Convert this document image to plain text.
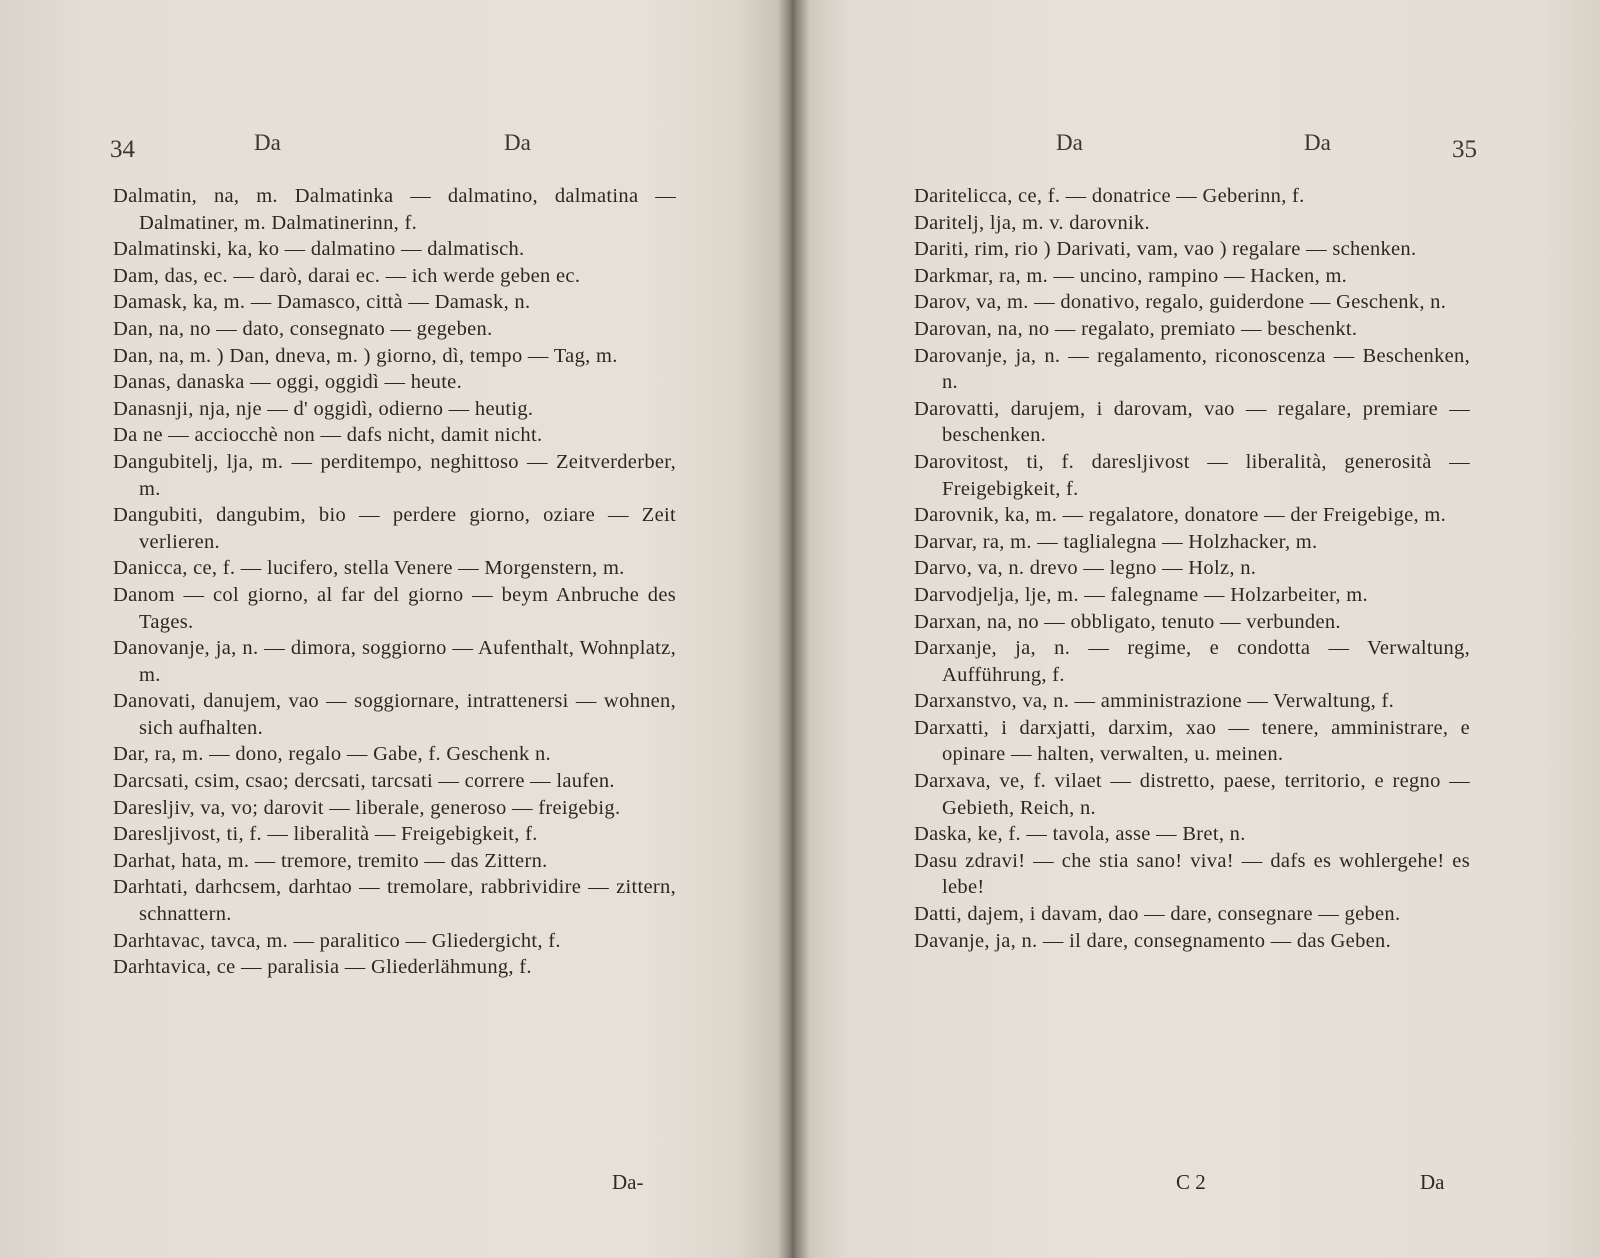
34	Da	Da
Dalmatin, na, m. Dalmatinka — dalmatino, dalmatina — Dalmatiner, m. Dalmatinerinn, f.
Dalmatinski, ka, ko — dalmatino — dalmatisch.
Dam, das, ec. — darò, darai ec. — ich werde geben ec.
Damask, ka, m. — Damasco, città — Damask, n.
Dan, na, no — dato, consegnato — gegeben.
Dan, na, m. ) Dan, dneva, m. ) giorno, dì, tempo — Tag, m.
Danas, danaska — oggi, oggidì — heute.
Danasnji, nja, nje — d' oggidì, odierno — heutig.
Da ne — acciocchè non — dafs nicht, damit nicht.
Dangubitelj, lja, m. — perditempo, neghittoso — Zeitverderber, m.
Dangubiti, dangubim, bio — perdere giorno, oziare — Zeit verlieren.
Danicca, ce, f. — lucifero, stella Venere — Morgenstern, m.
Danom — col giorno, al far del giorno — beym Anbruche des Tages.
Danovanje, ja, n. — dimora, soggiorno — Aufenthalt, Wohnplatz, m.
Danovati, danujem, vao — soggiornare, intrattenersi — wohnen, sich aufhalten.
Dar, ra, m. — dono, regalo — Gabe, f. Geschenk n.
Darcsati, csim, csao; dercsati, tarcsati — correre — laufen.
Daresljiv, va, vo; darovit — liberale, generoso — freigebig.
Daresljivost, ti, f. — liberalità — Freigebigkeit, f.
Darhat, hata, m. — tremore, tremito — das Zittern.
Darhtati, darhcsem, darhtao — tremolare, rabbrividire — zittern, schnattern.
Darhtavac, tavca, m. — paralitico — Gliedergicht, f.
Darhtavica, ce — paralisia — Gliederlähmung, f.
Da-
Da	Da	35
Daritelicca, ce, f. — donatrice — Geberinn, f.
Daritelj, lja, m. v. darovnik.
Dariti, rim, rio ) Darivati, vam, vao ) regalare — schenken.
Darkmar, ra, m. — uncino, rampino — Hacken, m.
Darov, va, m. — donativo, regalo, guiderdone — Geschenk, n.
Darovan, na, no — regalato, premiato — beschenkt.
Darovanje, ja, n. — regalamento, riconoscenza — Beschenken, n.
Darovatti, darujem, i darovam, vao — regalare, premiare — beschenken.
Darovitost, ti, f. daresljivost — liberalità, generosità — Freigebigkeit, f.
Darovnik, ka, m. — regalatore, donatore — der Freigebige, m.
Darvar, ra, m. — taglialegna — Holzhacker, m.
Darvo, va, n. drevo — legno — Holz, n.
Darvodjelja, lje, m. — falegname — Holzarbeiter, m.
Darxan, na, no — obbligato, tenuto — verbunden.
Darxanje, ja, n. — regime, e condotta — Verwaltung, Aufführung, f.
Darxanstvo, va, n. — amministrazione — Verwaltung, f.
Darxatti, i darxjatti, darxim, xao — tenere, amministrare, e opinare — halten, verwalten, u. meinen.
Darxava, ve, f. vilaet — distretto, paese, territorio, e regno — Gebieth, Reich, n.
Daska, ke, f. — tavola, asse — Bret, n.
Dasu zdravi! — che stia sano! viva! — dafs es wohlergehe! es lebe!
Datti, dajem, i davam, dao — dare, consegnare — geben.
Davanje, ja, n. — il dare, consegnamento — das Geben.
C 2	Da
